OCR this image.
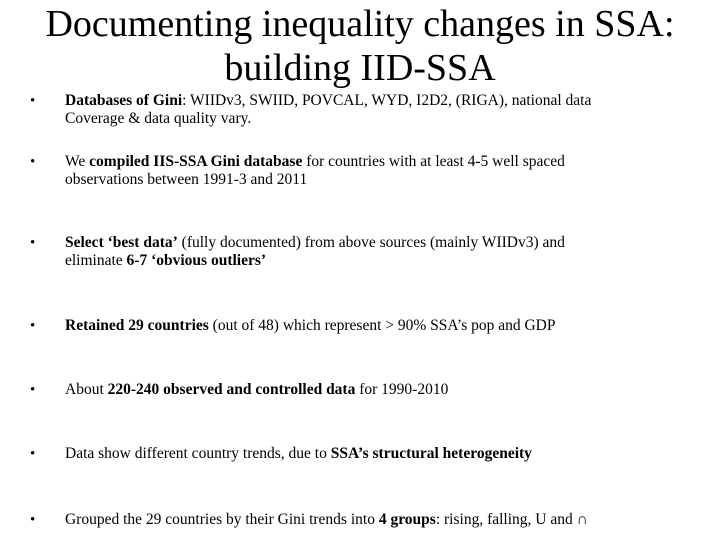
Documenting inequality changes in SSA:
building IID-SSA
•	Databases of Gini: WIIDv3, SWIID, POVCAL, WYD, I2D2, (RIGA), national data
Coverage & data quality vary.
•	We compiled IIS-SSA Gini database for countries with at least 4-5 well spaced
observations between 1991-3 and 2011
•	Select ‘best data’ (fully documented) from above sources (mainly WIIDv3) and
eliminate 6-7 ‘obvious outliers’
•	Retained 29 countries (out of 48) which represent > 90% SSA’s pop and GDP
•	About 220-240 observed and controlled data for 1990-2010
•	Data show different country trends, due to SSA’s structural heterogeneity
•	Grouped the 29 countries by their Gini trends into 4 groups: rising, falling, U and ∩
